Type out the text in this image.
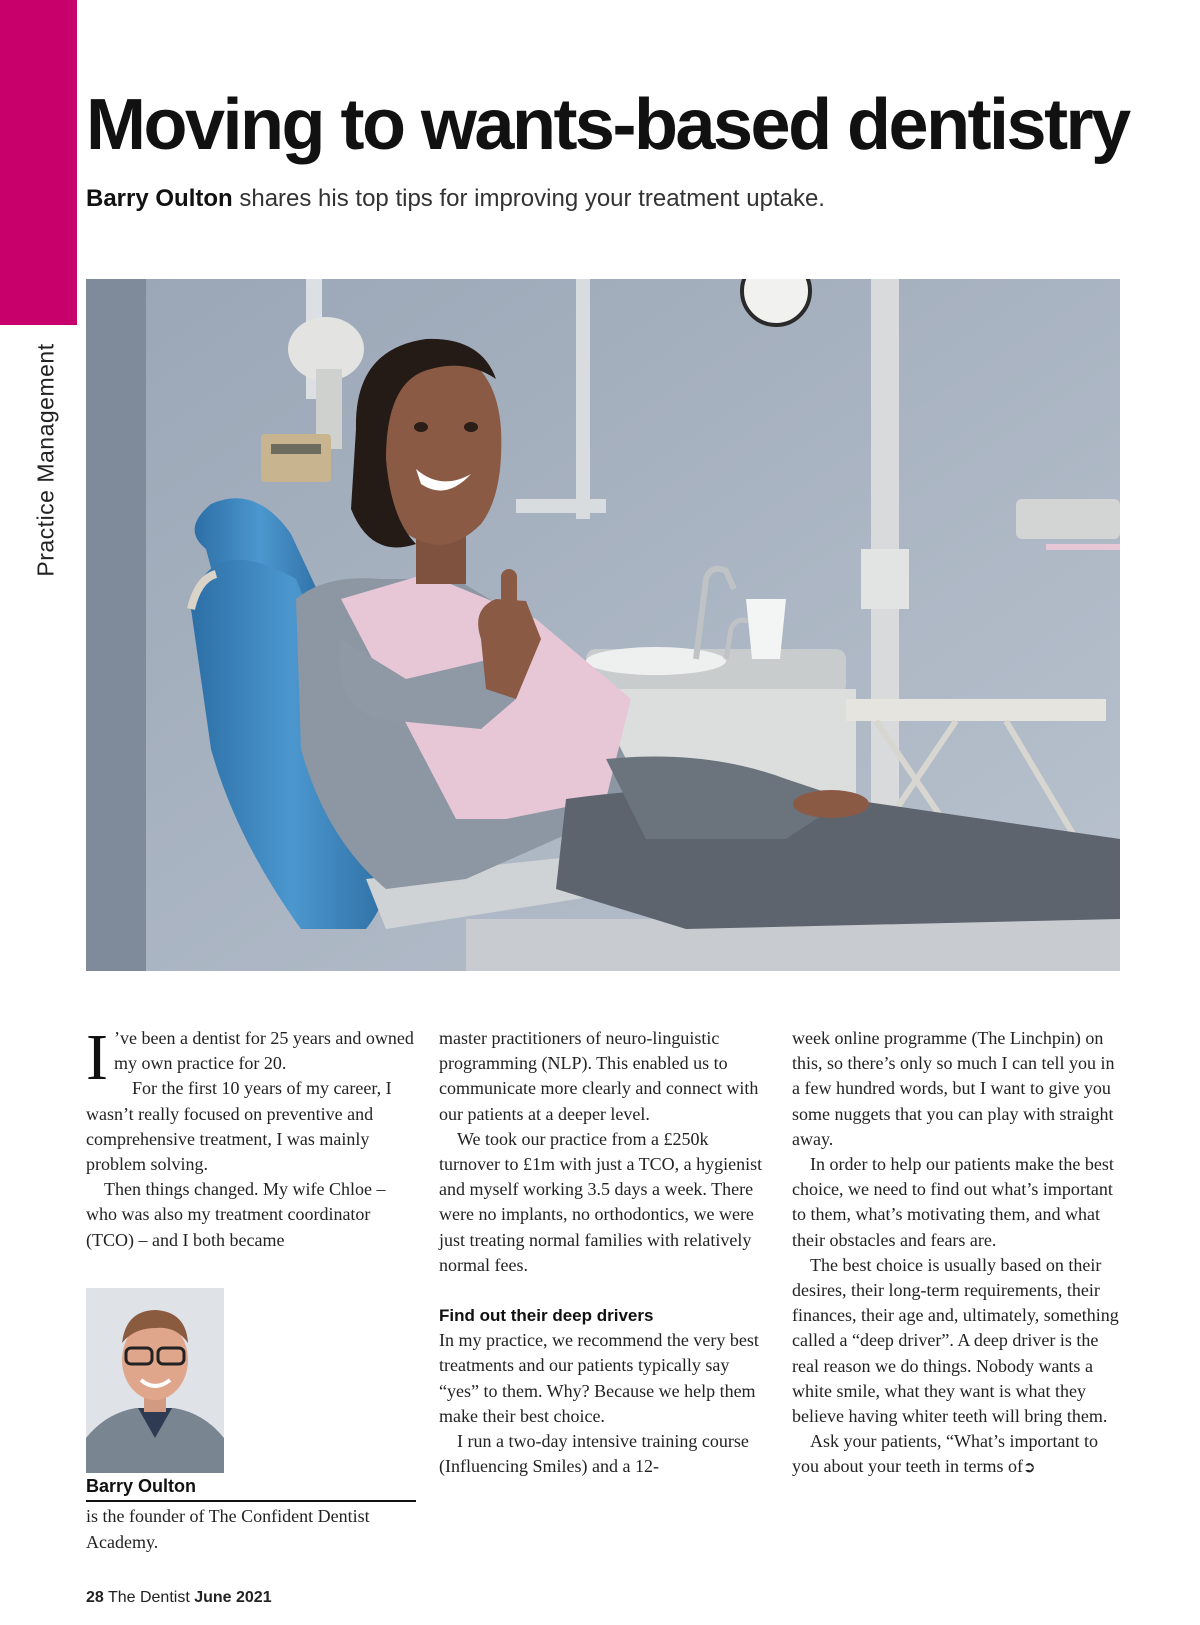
Practice Management
Moving to wants-based dentistry
Barry Oulton shares his top tips for improving your treatment uptake.

I ’ve been a dentist for 25 years and owned my own practice for 20.

For the first 10 years of my career, I wasn’t really focused on preventive and comprehensive treatment, I was mainly problem solving.

Then things changed. My wife Chloe – who was also my treatment coordinator (TCO) – and I both became

master practitioners of neuro-linguistic programming (NLP). This enabled us to communicate more clearly and connect with our patients at a deeper level.

We took our practice from a £250k turnover to £1m with just a TCO, a hygienist and myself working 3.5 days a week. There were no implants, no orthodontics, we were just treating normal families with relatively normal fees.

Find out their deep drivers

In my practice, we recommend the very best treatments and our patients typically say “yes” to them. Why? Because we help them make their best choice.

I run a two-day intensive training course (Influencing Smiles) and a 12-

week online programme (The Linchpin) on this, so there’s only so much I can tell you in a few hundred words, but I want to give you some nuggets that you can play with straight away.

In order to help our patients make the best choice, we need to find out what’s important to them, what’s motivating them, and what their obstacles and fears are.

The best choice is usually based on their desires, their long-term requirements, their finances, their age and, ultimately, something called a “deep driver”. A deep driver is the real reason we do things. Nobody wants a white smile, what they want is what they believe having whiter teeth will bring them.

Ask your patients, “What’s important to you about your teeth in terms of➲

Barry Oulton
is the founder of The Confident Dentist Academy.
28 The Dentist June 2021
